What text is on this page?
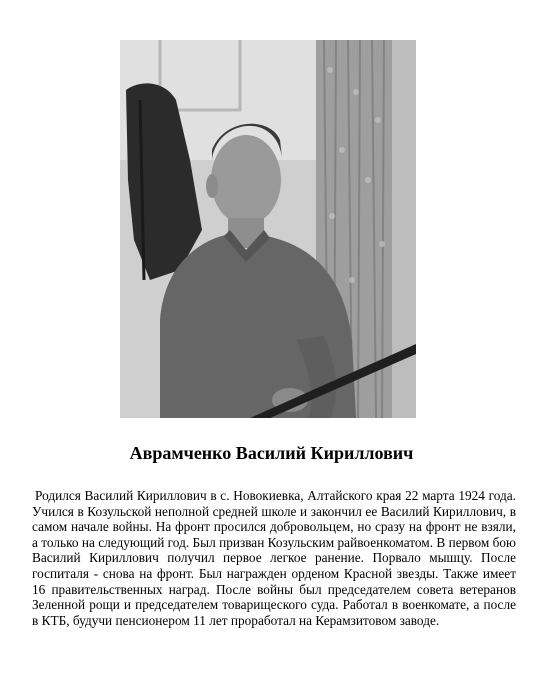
Аврамченко Василий Кириллович

Родился Василий Кириллович в с. Новокиевка, Алтайского края 22 марта 1924 года. Учился в Козульской неполной средней школе и закончил ее Василий Кириллович, в самом начале войны. На фронт просился добровольцем, но сразу на фронт не взяли, а только на следующий год. Был призван Козульским райвоенкоматом. В первом бою Василий Кириллович получил первое легкое ранение. Порвало мышцу. После госпиталя - снова на фронт. Был награжден орденом Красной звезды. Также имеет 16 правительственных наград. После войны был председателем совета ветеранов Зеленной рощи и председателем товарищеского суда. Работал в военкомате, а после в КТБ, будучи пенсионером 11 лет проработал на Керамзитовом заводе.
